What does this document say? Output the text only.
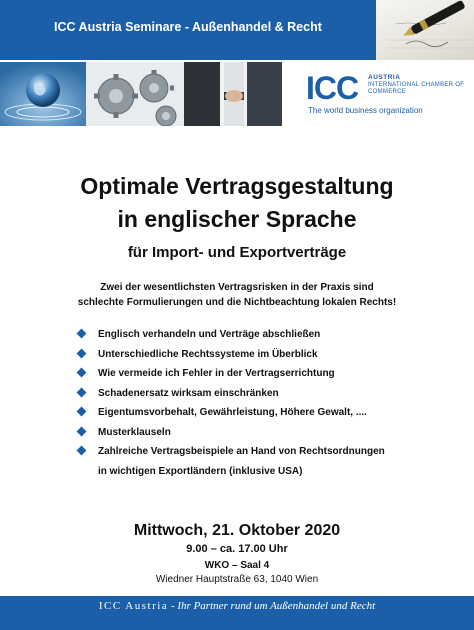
ICC Austria Seminare - Außenhandel & Recht
ICC AUSTRIA
INTERNATIONAL CHAMBER OF COMMERCE
The world business organization
Optimale Vertragsgestaltung
in englischer Sprache
für Import- und Exportverträge
Zwei der wesentlichsten Vertragsrisken in der Praxis sind
schlechte Formulierungen und die Nichtbeachtung lokalen Rechts!
Englisch verhandeln und Verträge abschließen
Unterschiedliche Rechtssysteme im Überblick
Wie vermeide ich Fehler in der Vertragserrichtung
Schadenersatz wirksam einschränken
Eigentumsvorbehalt, Gewährleistung, Höhere Gewalt, ....
Musterklauseln
Zahlreiche Vertragsbeispiele an Hand von Rechtsordnungen
in wichtigen Exportländern (inklusive USA)
Mittwoch, 21. Oktober 2020
9.00 – ca. 17.00 Uhr
WKO – Saal 4
Wiedner Hauptstraße 63, 1040 Wien
ICC Austria - Ihr Partner rund um Außenhandel und Recht
